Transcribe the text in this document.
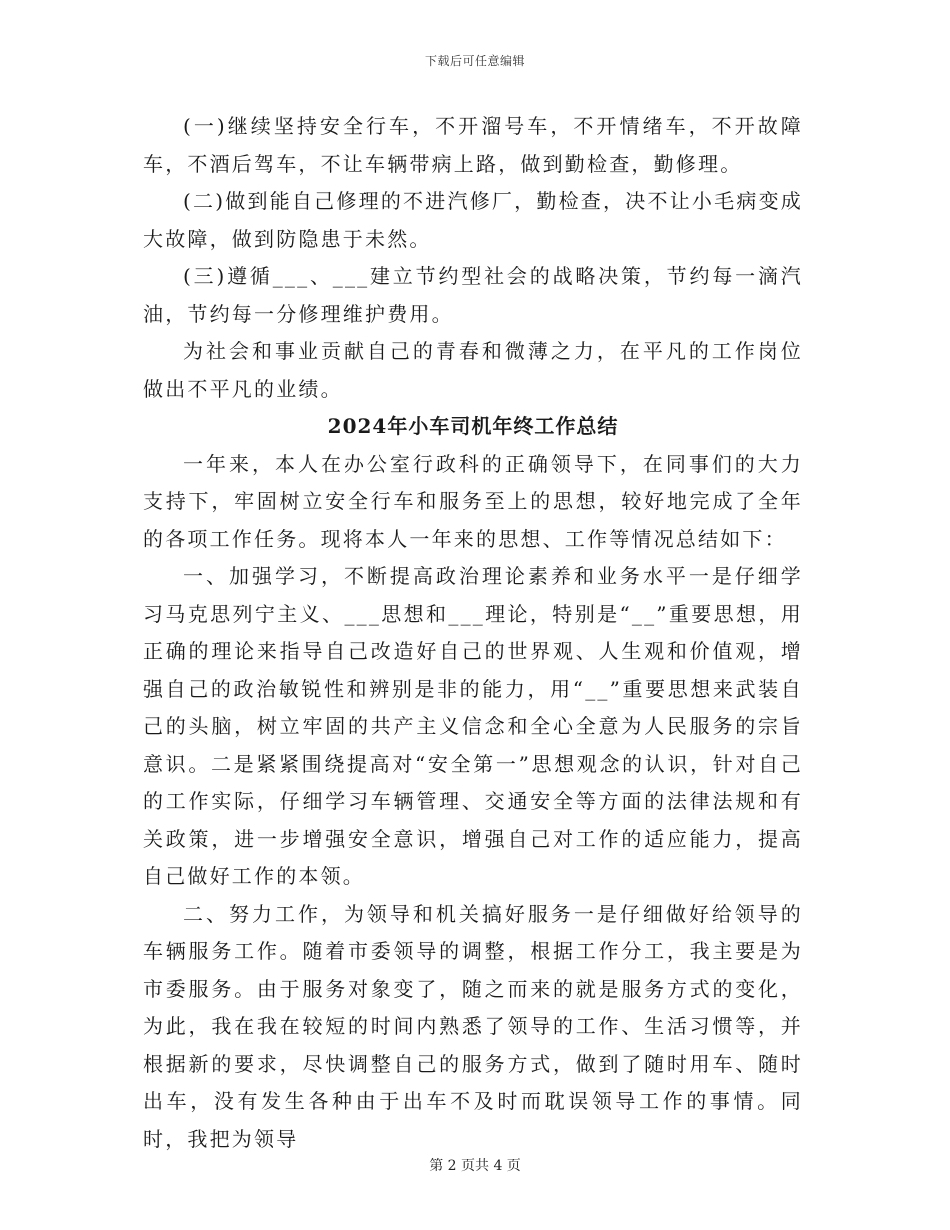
下载后可任意编辑

(一)继续坚持安全行车，不开溜号车，不开情绪车，不开故障车，不酒后驾车，不让车辆带病上路，做到勤检查，勤修理。

(二)做到能自己修理的不进汽修厂，勤检查，决不让小毛病变成大故障，做到防隐患于未然。

(三)遵循___、___建立节约型社会的战略决策，节约每一滴汽油，节约每一分修理维护费用。

为社会和事业贡献自己的青春和微薄之力，在平凡的工作岗位做出不平凡的业绩。

2024年小车司机年终工作总结

一年来，本人在办公室行政科的正确领导下，在同事们的大力支持下，牢固树立安全行车和服务至上的思想，较好地完成了全年的各项工作任务。现将本人一年来的思想、工作等情况总结如下：

一、加强学习，不断提高政治理论素养和业务水平一是仔细学习马克思列宁主义、___思想和___理论，特别是“__”重要思想，用正确的理论来指导自己改造好自己的世界观、人生观和价值观，增强自己的政治敏锐性和辨别是非的能力，用“__”重要思想来武装自己的头脑，树立牢固的共产主义信念和全心全意为人民服务的宗旨意识。二是紧紧围绕提高对“安全第一”思想观念的认识，针对自己的工作实际，仔细学习车辆管理、交通安全等方面的法律法规和有关政策，进一步增强安全意识，增强自己对工作的适应能力，提高自己做好工作的本领。

二、努力工作，为领导和机关搞好服务一是仔细做好给领导的车辆服务工作。随着市委领导的调整，根据工作分工，我主要是为市委服务。由于服务对象变了，随之而来的就是服务方式的变化，为此，我在我在较短的时间内熟悉了领导的工作、生活习惯等，并根据新的要求，尽快调整自己的服务方式，做到了随时用车、随时出车，没有发生各种由于出车不及时而耽误领导工作的事情。同时，我把为领导

第 2 页共 4 页
